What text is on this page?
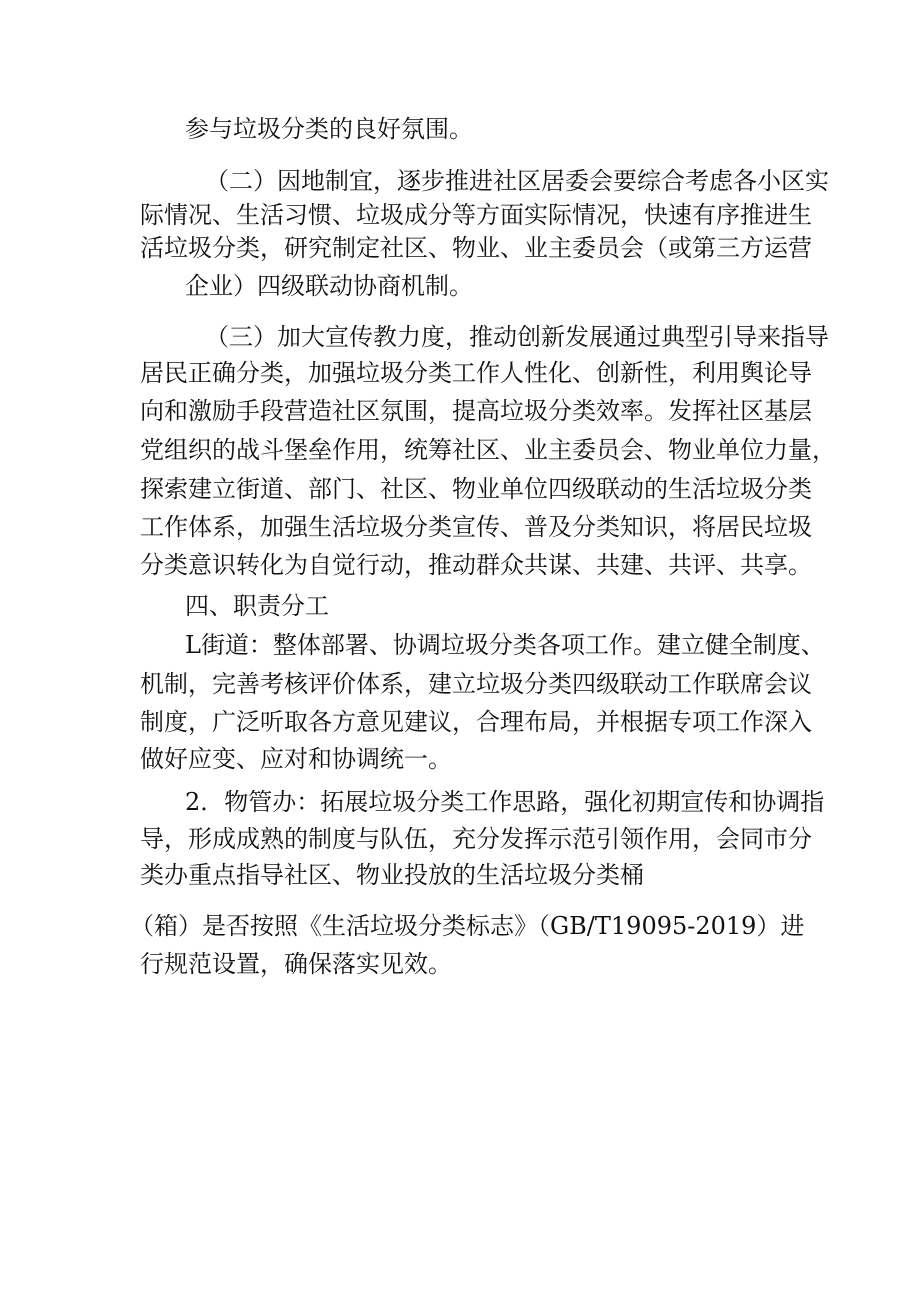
参与垃圾分类的良好氛围。
（二）因地制宜，逐步推进社区居委会要综合考虑各小区实
际情况、生活习惯、垃圾成分等方面实际情况，快速有序推进生
活垃圾分类，研究制定社区、物业、业主委员会（或第三方运营
企业）四级联动协商机制。
（三）加大宣传教力度，推动创新发展通过典型引导来指导
居民正确分类，加强垃圾分类工作人性化、创新性，利用舆论导
向和激励手段营造社区氛围，提高垃圾分类效率。发挥社区基层
党组织的战斗堡垒作用，统筹社区、业主委员会、物业单位力量，
探索建立街道、部门、社区、物业单位四级联动的生活垃圾分类
工作体系，加强生活垃圾分类宣传、普及分类知识，将居民垃圾
分类意识转化为自觉行动，推动群众共谋、共建、共评、共享。
四、职责分工
L街道：整体部署、协调垃圾分类各项工作。建立健全制度、
机制，完善考核评价体系，建立垃圾分类四级联动工作联席会议
制度，广泛听取各方意见建议，合理布局，并根据专项工作深入
做好应变、应对和协调统一。
2．物管办：拓展垃圾分类工作思路，强化初期宣传和协调指
导，形成成熟的制度与队伍，充分发挥示范引领作用，会同市分
类办重点指导社区、物业投放的生活垃圾分类桶
（箱）是否按照《生活垃圾分类标志》（GB/T19095-2019）进
行规范设置，确保落实见效。
